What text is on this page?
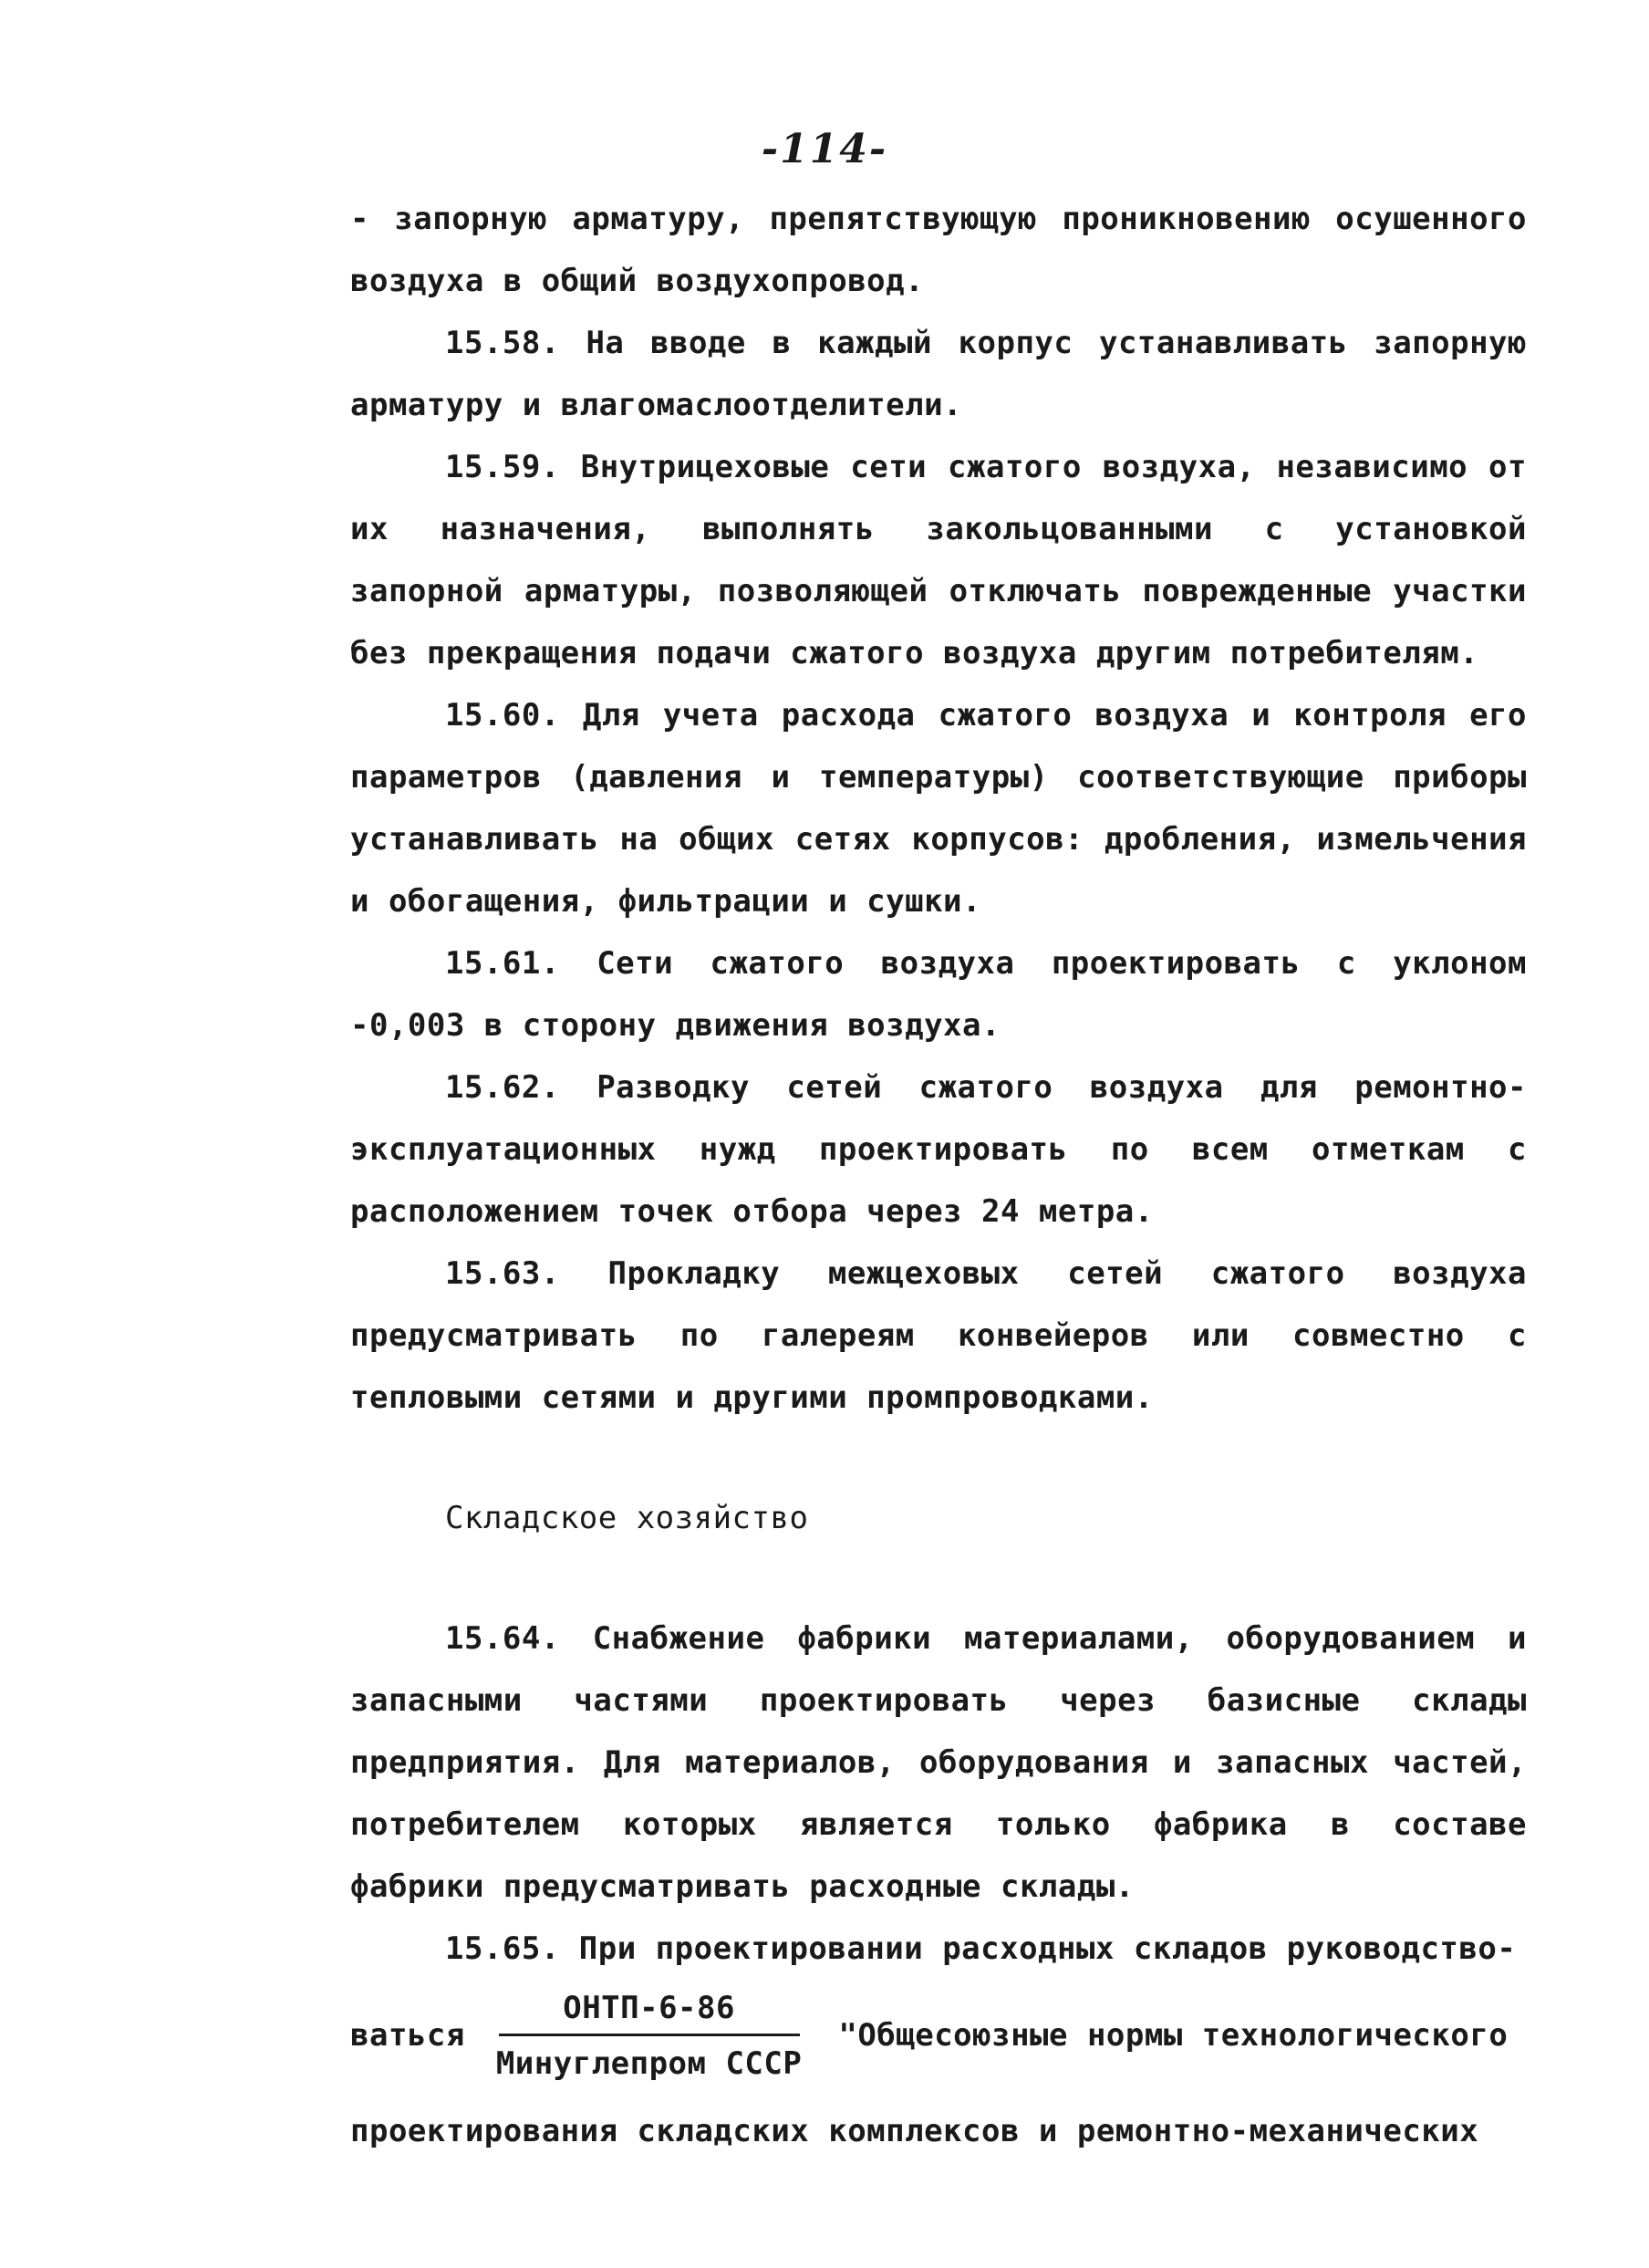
-114-

- запорную арматуру, препятствующую проникновению осушенного воздуха в общий воздухопровод.

15.58. На вводе в каждый корпус устанавливать запорную арматуру и влагомаслоотделители.

15.59. Внутрицеховые сети сжатого воздуха, независимо от их назначения, выполнять закольцованными с установкой запорной арматуры, позволяющей отключать поврежденные участки без прекращения подачи сжатого воздуха другим потребителям.

15.60. Для учета расхода сжатого воздуха и контроля его параметров (давления и температуры) соответствующие приборы устанавливать на общих сетях корпусов: дробления, измельчения и обогащения, фильтрации и сушки.

15.61. Сети сжатого воздуха проектировать с уклоном -0,003 в сторону движения воздуха.

15.62. Разводку сетей сжатого воздуха для ремонтно-эксплуатационных нужд проектировать по всем отметкам с расположением точек отбора через 24 метра.

15.63. Прокладку межцеховых сетей сжатого воздуха предусматривать по галереям конвейеров или совместно с тепловыми сетями и другими промпроводками.

Складское хозяйство

15.64. Снабжение фабрики материалами, оборудованием и запасными частями проектировать через базисные склады предприятия. Для материалов, оборудования и запасных частей, потребителем которых является только фабрика в составе фабрики предусматривать расходные склады.

15.65. При проектировании расходных складов руководство-

ваться $\frac{\text{ОНТП-6-86}}{\text{Минуглепром СССР}}$ "Общесоюзные нормы технологического

проектирования складских комплексов и ремонтно-механических
